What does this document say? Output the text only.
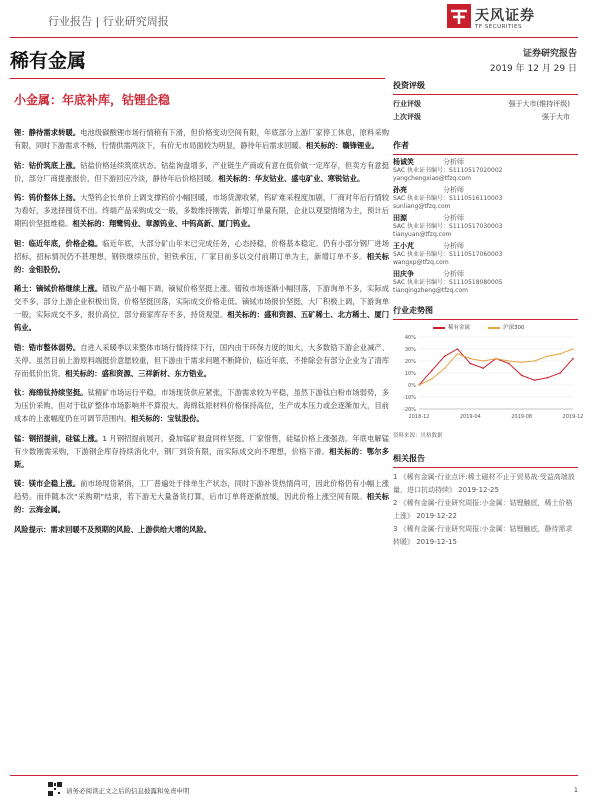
行业报告 | 行业研究周报	天风证券
TF SECURITIES
稀有金属	证券研究报告
2019 年 12 月 29 日
小金属：年底补库，钴锂企稳

锂：静待需求转暖。电池级碳酸锂市场行情稍有下滑，但价格变动空间有限，年底部分上游厂家停工休息，原料采购有限，同时下游需求不畅，行情供需两淡下，有价无市局面较为明显，静待年后需求回暖。相关标的：赣锋锂业。

钴：钴价筑底上涨。钴盐价格延续筑底状态。钴盐询盘增多，产业链生产商或有意在低价做一定库存，但卖方有意挺价，部分厂商提涨报价，但下游回应冷淡，静待年后价格回暖。相关标的：华友钴业、盛屯矿业、寒锐钴业。

钨：钨价整体上扬。大型钨企长单价上调支撑钨价小幅回暖，市场货源收紧，钨矿难采程度加剧，厂商对年后行情较为看好，多选择囤货不出。终端产品采购成交一般，多数维持刚需，新增订单量有限，企业以观望情绪为主，预计后期钨价坚挺维稳。相关标的：翔鹭钨业、章源钨业、中钨高新、厦门钨业。

钽：临近年底，价格企稳。临近年底，大部分矿山年末已完成任务，心态持稳，价格基本稳定。仍有小部分钢厂进场招标，招标情况仍不甚理想，钢铁继续压价，钽铁承压，厂家目前多以交付前期订单为主，新增订单不多。相关标的：金钼股份。

稀土：镝铽价格继续上涨。镨钕产品小幅下调，镝铽价格坚挺上涨。镨钕市场逐渐小幅回落，下游询单不多，实际成交不多，部分上游企业积极出货，价格坚挺回落，实际成交价格走低。镝铽市场报价坚挺，大厂积极上调，下游询单一般，实际成交不多，报价高位，部分商家库存不多，持货观望。相关标的：盛和资源、五矿稀土、北方稀土、厦门钨业。

锆：锆市整体弱势。自进入采暖季以来整体市场行情持续下行，国内由于环保力度的加大，大多数锆下游企业减产、关停。虽然目前上游原料端挺价意愿较重，但下游由于需求问题不断降价，临近年底，不排除会有部分企业为了清库存而低价出货。相关标的：盛和资源、三祥新材、东方锆业。

钛：海绵钛持续坚挺。钛精矿市场运行平稳，市场现货供应紧张，下游需求较为平稳，虽然下游钛白粉市场弱势，多为压价采购，但对于钛矿整体市场影响并不算很大。海绵钛原材料价格保持高位，生产成本压力或会逐渐加大，目前成本的上涨幅度仍在可调节范围内。相关标的：宝钛股份。

锰：钢招提前，硅锰上涨。1 月钢招提前展开，叠加锰矿报盘同样坚挺，厂家惜售，硅锰价格上涨强劲。年底电解锰有少数刚需采购，下游钢企库存持续消化中，钢厂到货有限，而实际成交向不理想，价格下滑。相关标的：鄂尔多斯。

镁：镁市企稳上涨。前市场现货紧俏，工厂普遍处于排单生产状态，同时下游补货热情尚可，因此价格仍有小幅上涨趋势。而伴随本次“采购期”结束，若下游无大量备货打算，后市订单将逐渐放缓，因此价格上涨空间有限。相关标的：云海金属。

风险提示：需求回暖不及预期的风险、上游供给大增的风险。

投资评级
行业评级	强于大市(维持评级)
上次评级	强于大市
作者
杨诚笑	分析师
SAC 执业证书编号：S1110517020002
yangchengxiao@tfzq.com
孙亮	分析师
SAC 执业证书编号：S1110516110003
sunliang@tfzq.com
田源	分析师
SAC 执业证书编号：S1110517030003
tianyuan@tfzq.com
王小芃	分析师
SAC 执业证书编号：S1110517060003
wangxp@tfzq.com
田庆争	分析师
SAC 执业证书编号：S1110518080005
tianqingzheng@tfzq.com
行业走势图
稀有金属	沪深300
-20%
-10%
0%
10%
20%
30%
40%
2018-12	2019-04	2019-08	2019-12
资料来源：贝格数据
相关报告
1 《稀有金属-行业点评:稀土磁材不止于贸易战·受益高端放量，进口抗动持续》 2019-12-25
2 《稀有金属-行业研究周报:小金属：钴锂触底，稀土价格上涨》 2019-12-22
3 《稀有金属-行业研究周报:小金属：钴锂触底，静待需求转暖》 2019-12-15
请务必阅读正文之后的信息披露和免责申明	1
